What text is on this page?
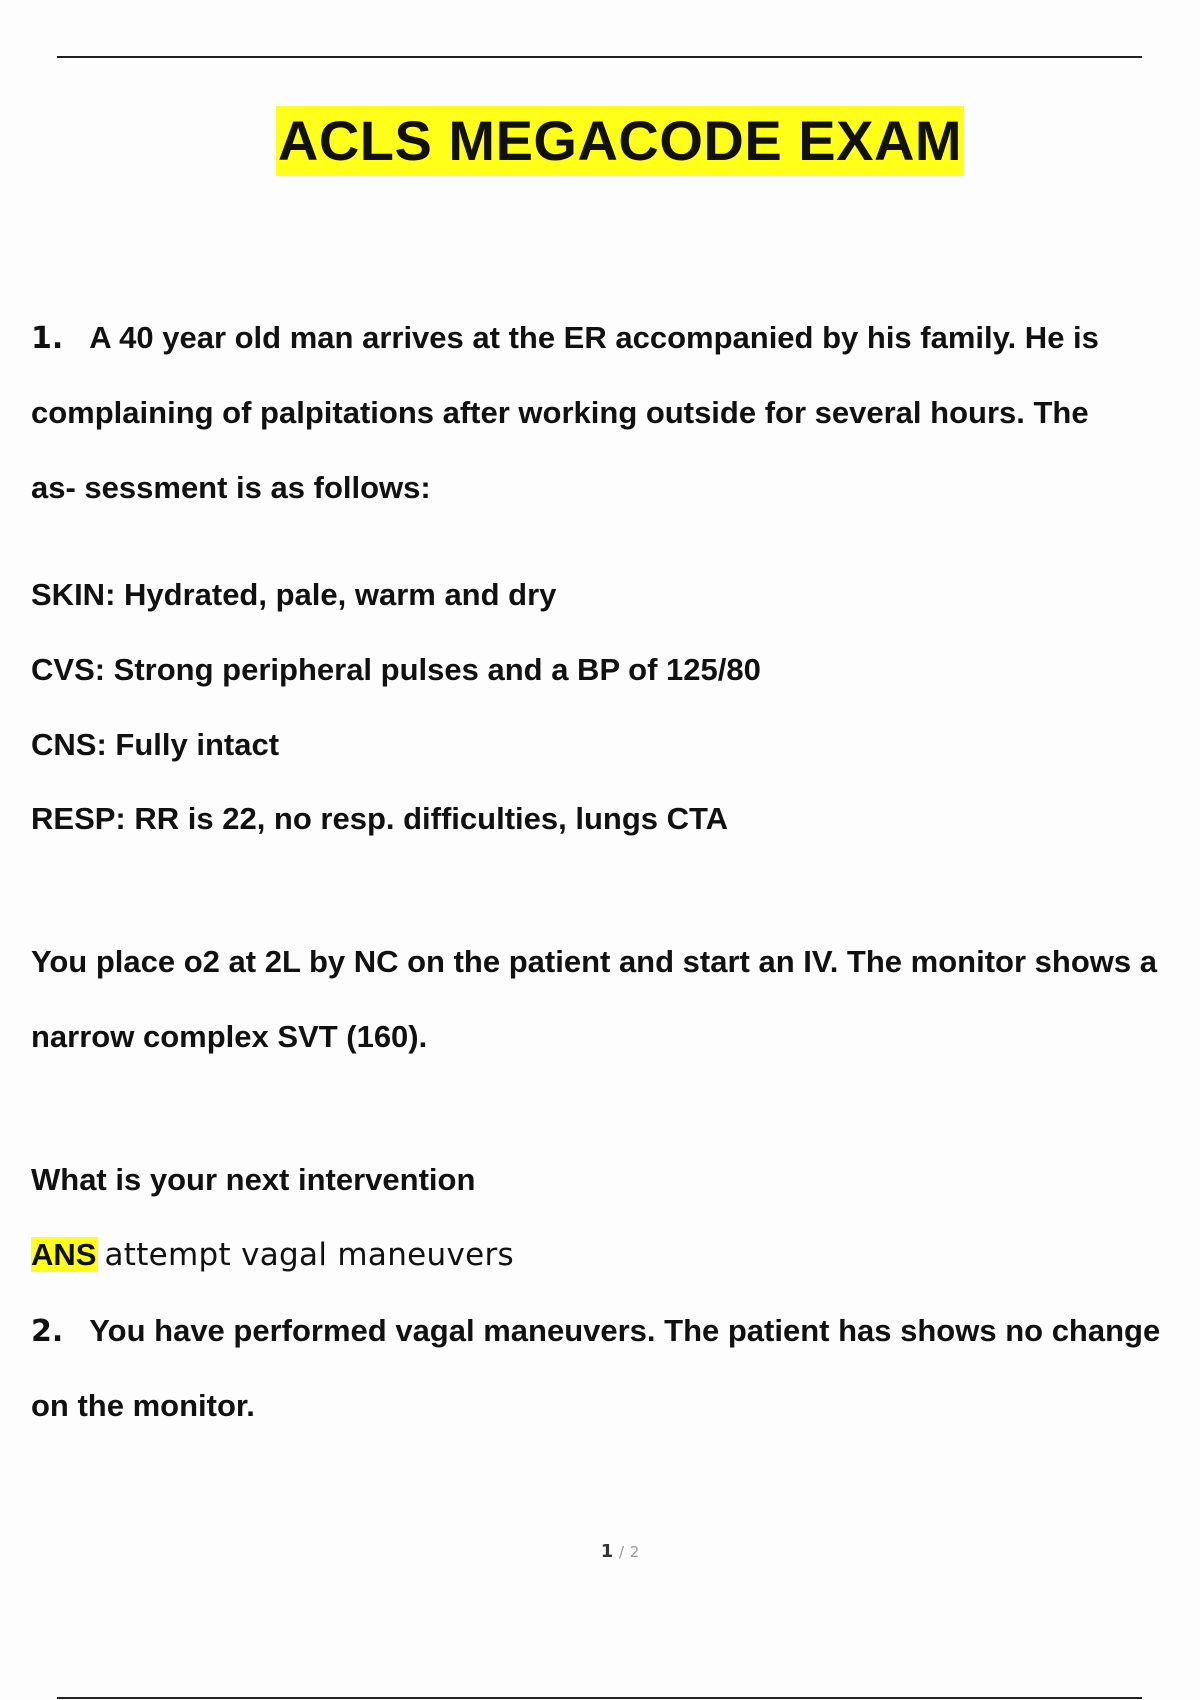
ACLS MEGACODE EXAM
1. A 40 year old man arrives at the ER accompanied by his family. He is
complaining of palpitations after working outside for several hours. The
as- sessment is as follows:
SKIN: Hydrated, pale, warm and dry
CVS: Strong peripheral pulses and a BP of 125/80
CNS: Fully intact
RESP: RR is 22, no resp. difficulties, lungs CTA
You place o2 at 2L by NC on the patient and start an IV. The monitor shows a
narrow complex SVT (160).
What is your next intervention
ANS attempt vagal maneuvers
2. You have performed vagal maneuvers. The patient has shows no change
on the monitor.
1 / 2
